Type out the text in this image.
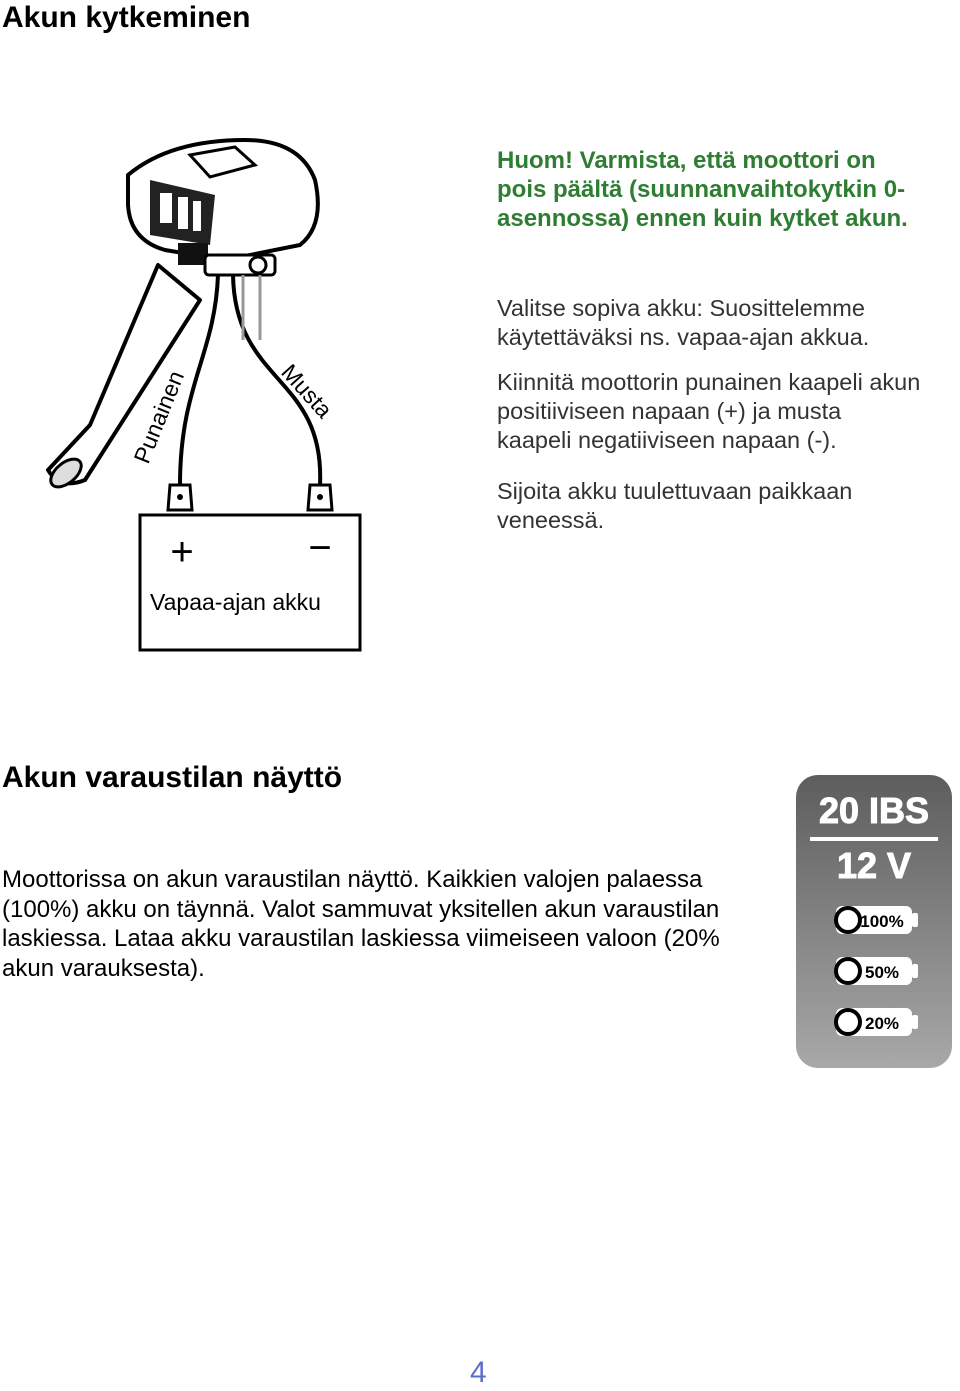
Akun kytkeminen
Punainen	Musta
+	−
Vapaa-ajan akku
Huom! Varmista, että moottori on
pois päältä (suunnanvaihtokytkin 0-
asennossa) ennen kuin kytket akun.
Valitse sopiva akku: Suosittelemme
käytettäväksi ns. vapaa-ajan akkua.
Kiinnitä moottorin punainen kaapeli akun
positiiviseen napaan (+) ja musta
kaapeli negatiiviseen napaan (-).
Sijoita akku tuulettuvaan paikkaan
veneessä.
Akun varaustilan näyttö
Moottorissa on akun varaustilan näyttö. Kaikkien valojen palaessa
(100%) akku on täynnä. Valot sammuvat yksitellen akun varaustilan
laskiessa. Lataa akku varaustilan laskiessa viimeiseen valoon (20%
akun varauksesta).
20 IBS
12 V
100%
50%
20%
4
